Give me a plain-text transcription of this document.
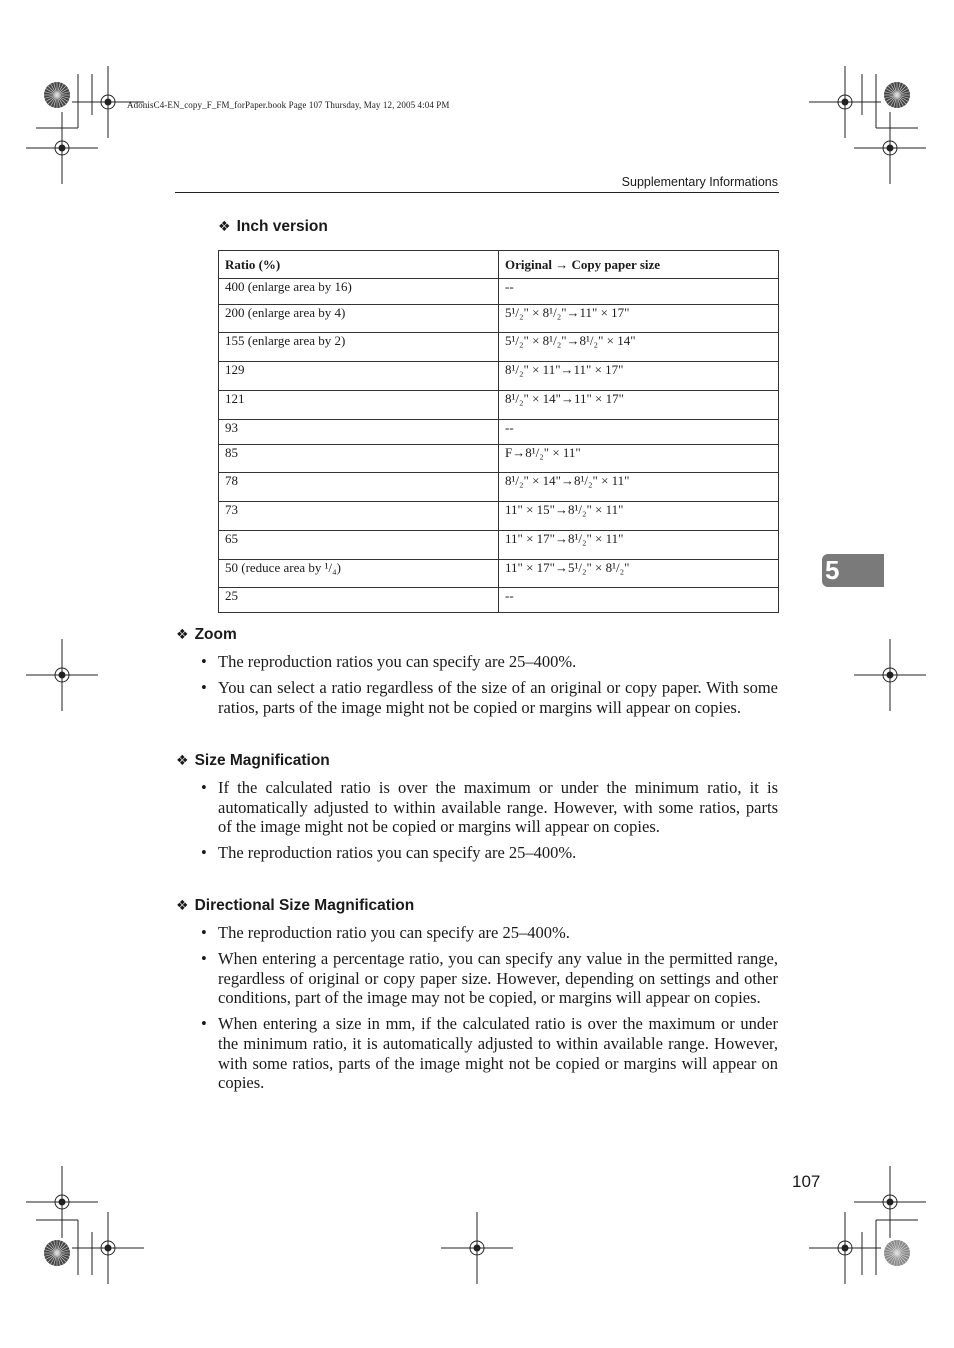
AdonisC4-EN_copy_F_FM_forPaper.book Page 107 Thursday, May 12, 2005 4:04 PM
Supplementary Informations
❖ Inch version
Ratio (%)	Original → Copy paper size
400 (enlarge area by 16)	--
200 (enlarge area by 4)	5¹/₂" × 8¹/₂"→11" × 17"
155 (enlarge area by 2)	5¹/₂" × 8¹/₂"→8¹/₂" × 14"
129	8¹/₂" × 11"→11" × 17"
121	8¹/₂" × 14"→11" × 17"
93	--
85	F→8¹/₂" × 11"
78	8¹/₂" × 14"→8¹/₂" × 11"
73	11" × 15"→8¹/₂" × 11"
65	11" × 17"→8¹/₂" × 11"
50 (reduce area by ¹/₄)	11" × 17"→5¹/₂" × 8¹/₂"
25	--
❖ Zoom
• The reproduction ratios you can specify are 25–400%.
• You can select a ratio regardless of the size of an original or copy paper. With some ratios, parts of the image might not be copied or margins will appear on copies.
❖ Size Magnification
• If the calculated ratio is over the maximum or under the minimum ratio, it is automatically adjusted to within available range. However, with some ratios, parts of the image might not be copied or margins will appear on copies.
• The reproduction ratios you can specify are 25–400%.
❖ Directional Size Magnification
• The reproduction ratio you can specify are 25–400%.
• When entering a percentage ratio, you can specify any value in the permitted range, regardless of original or copy paper size. However, depending on settings and other conditions, part of the image may not be copied, or margins will appear on copies.
• When entering a size in mm, if the calculated ratio is over the maximum or under the minimum ratio, it is automatically adjusted to within available range. However, with some ratios, parts of the image might not be copied or margins will appear on copies.
5
107
